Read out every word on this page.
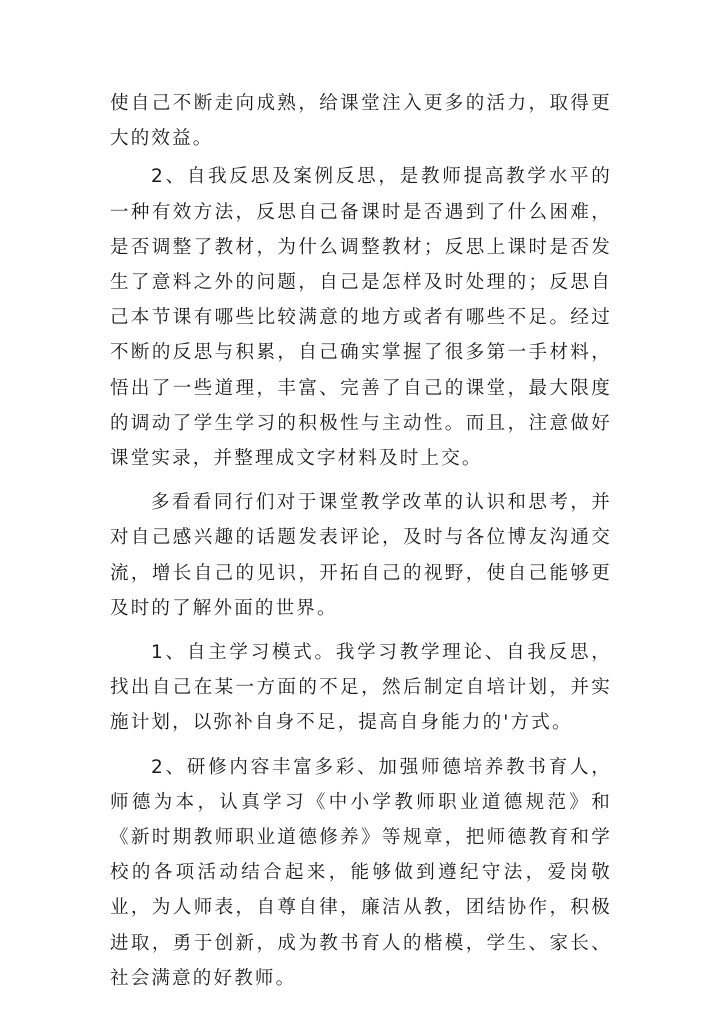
使自己不断走向成熟，给课堂注入更多的活力，取得更大的效益。

2、自我反思及案例反思，是教师提高教学水平的一种有效方法，反思自己备课时是否遇到了什么困难，是否调整了教材，为什么调整教材；反思上课时是否发生了意料之外的问题，自己是怎样及时处理的；反思自己本节课有哪些比较满意的地方或者有哪些不足。经过不断的反思与积累，自己确实掌握了很多第一手材料，悟出了一些道理，丰富、完善了自己的课堂，最大限度的调动了学生学习的积极性与主动性。而且，注意做好课堂实录，并整理成文字材料及时上交。

多看看同行们对于课堂教学改革的认识和思考，并对自己感兴趣的话题发表评论，及时与各位博友沟通交流，增长自己的见识，开拓自己的视野，使自己能够更及时的了解外面的世界。

1、自主学习模式。我学习教学理论、自我反思，找出自己在某一方面的不足，然后制定自培计划，并实施计划，以弥补自身不足，提高自身能力的'方式。

2、研修内容丰富多彩、加强师德培养教书育人，师德为本，认真学习《中小学教师职业道德规范》和《新时期教师职业道德修养》等规章，把师德教育和学校的各项活动结合起来，能够做到遵纪守法，爱岗敬业，为人师表，自尊自律，廉洁从教，团结协作，积极进取，勇于创新，成为教书育人的楷模，学生、家长、社会满意的好教师。
